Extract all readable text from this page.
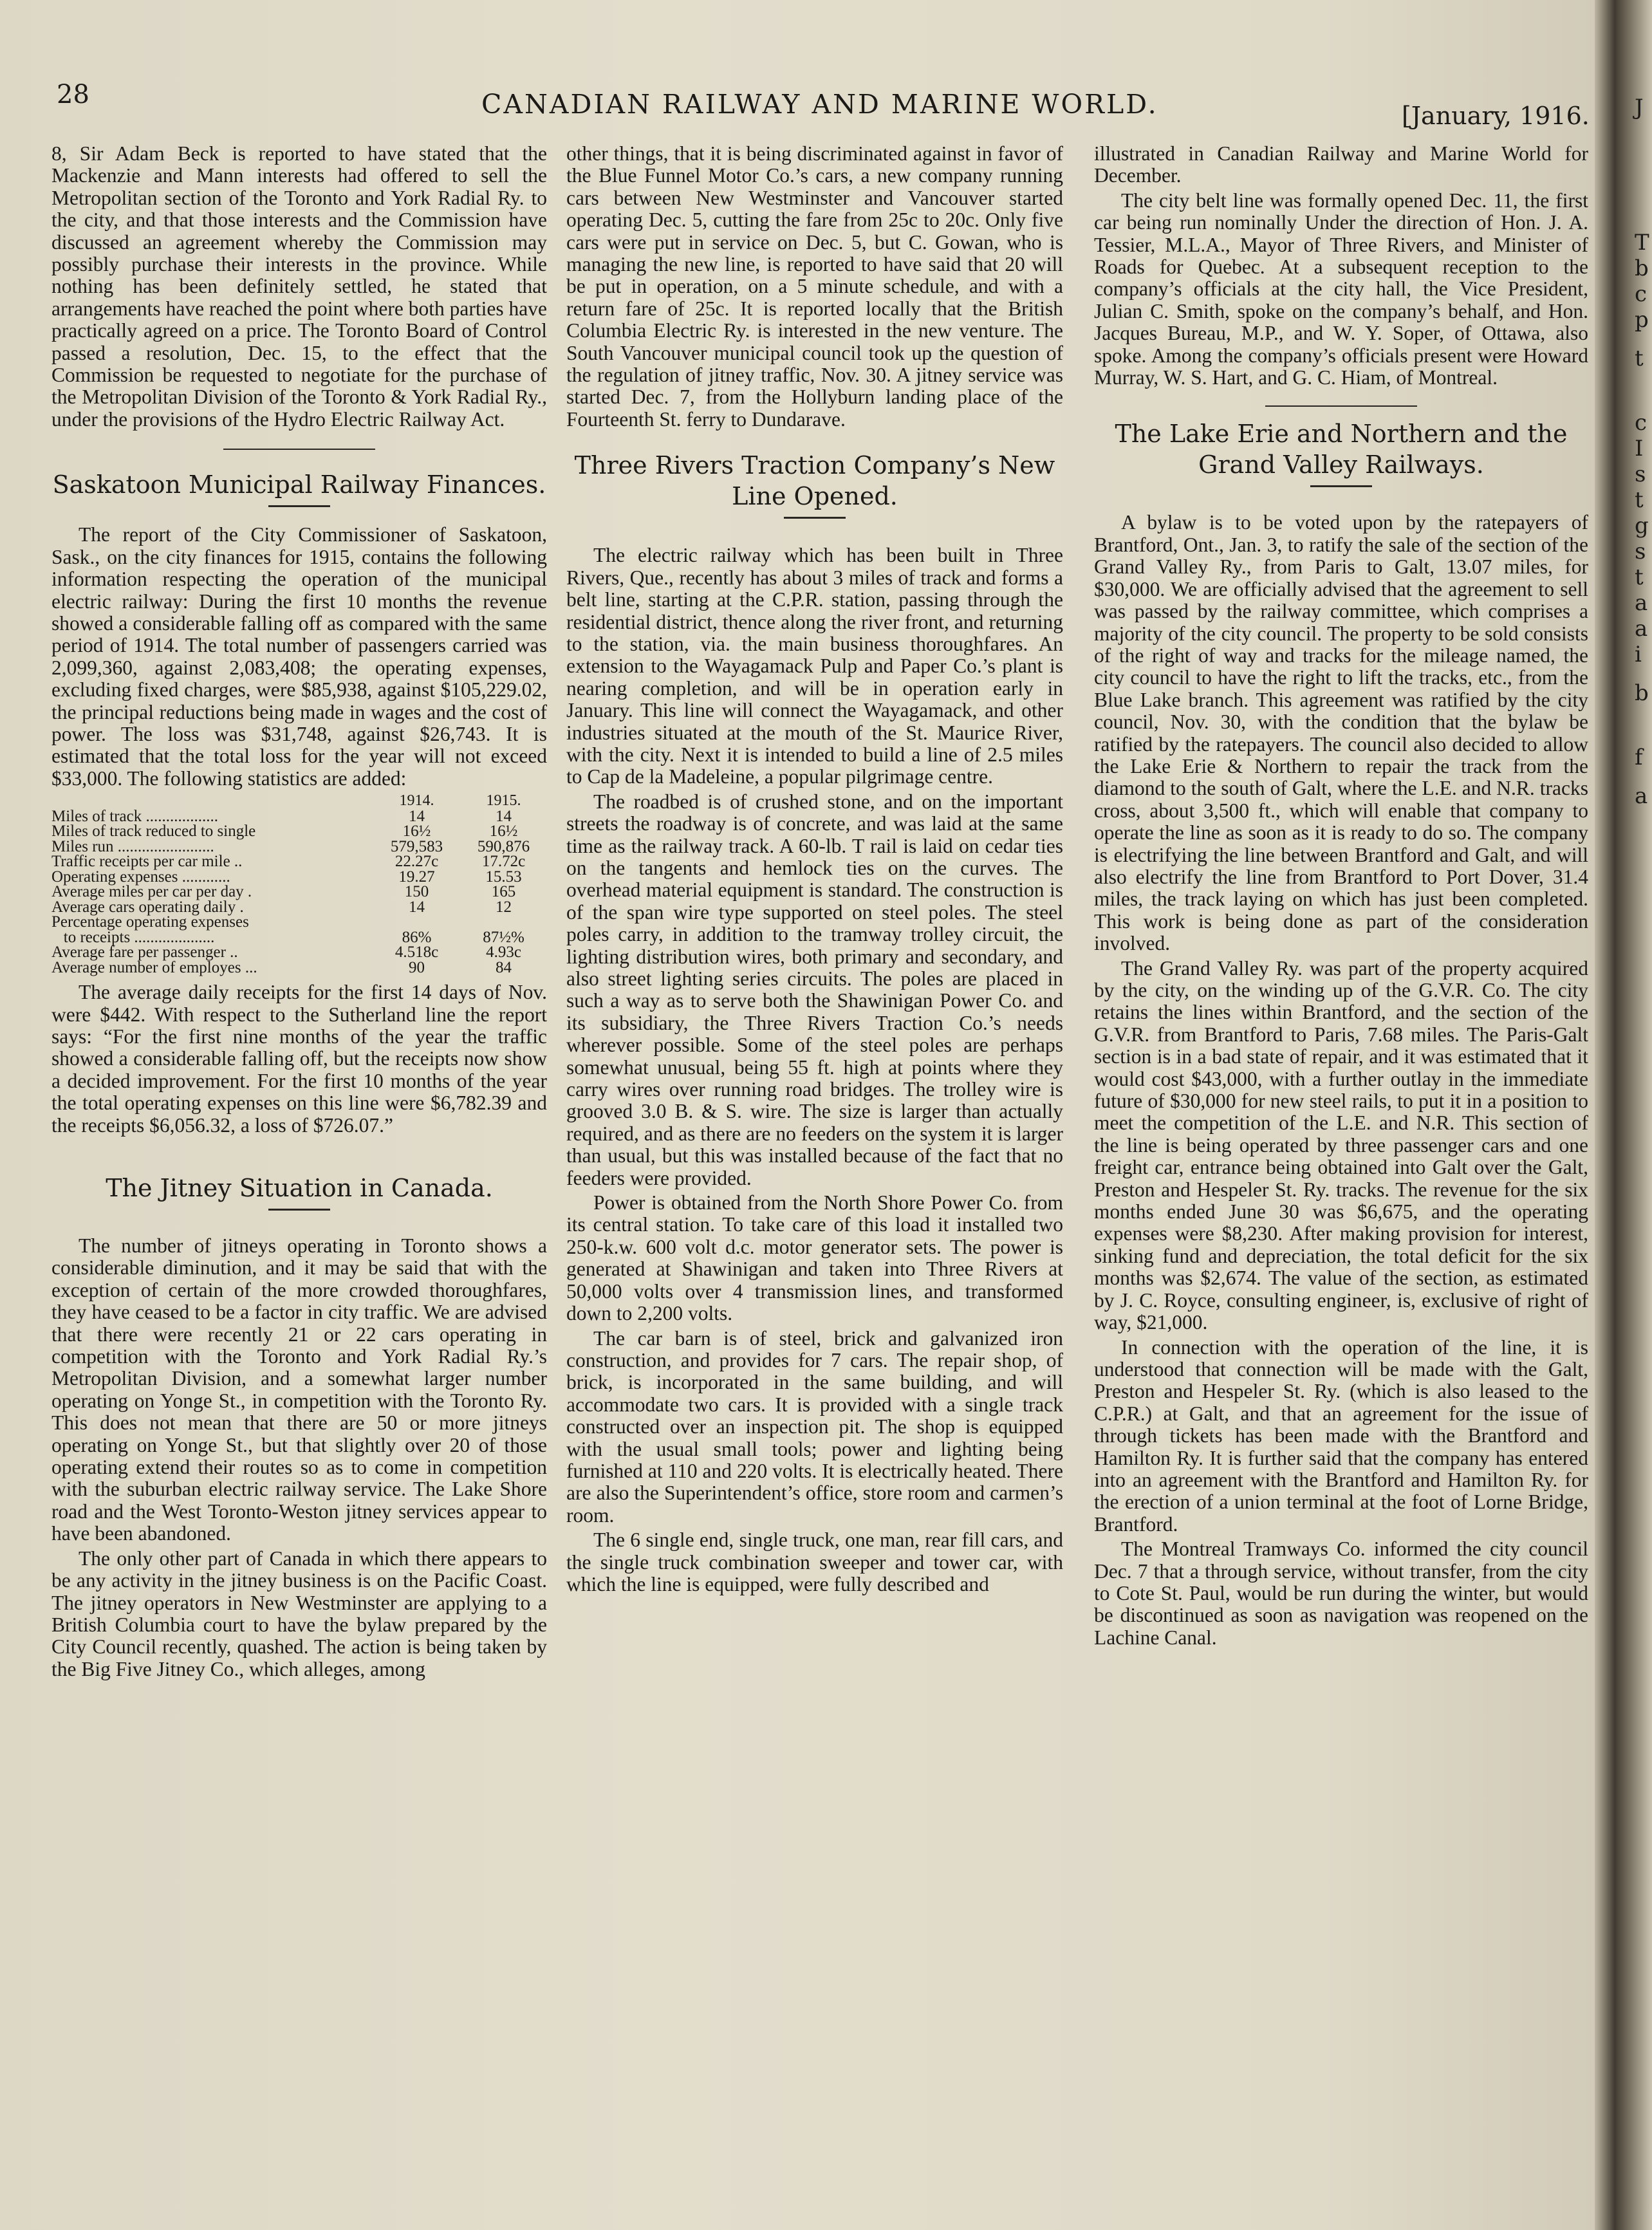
28	CANADIAN RAILWAY AND MARINE WORLD.	[January, 1916.

8, Sir Adam Beck is reported to have stated that the Mackenzie and Mann interests had offered to sell the Metropolitan section of the Toronto and York Radial Ry. to the city, and that those interests and the Commission have discussed an agreement whereby the Commission may possibly purchase their interests in the province. While nothing has been definitely settled, he stated that arrangements have reached the point where both parties have practically agreed on a price. The Toronto Board of Control passed a resolution, Dec. 15, to the effect that the Commission be requested to negotiate for the purchase of the Metropolitan Division of the Toronto & York Radial Ry., under the provisions of the Hydro Electric Railway Act.

Saskatoon Municipal Railway Finances.

The report of the City Commissioner of Saskatoon, Sask., on the city finances for 1915, contains the following information respecting the operation of the municipal electric railway: During the first 10 months the revenue showed a considerable falling off as compared with the same period of 1914. The total number of passengers carried was 2,099,360, against 2,083,408; the operating expenses, excluding fixed charges, were $85,938, against $105,229.02, the principal reductions being made in wages and the cost of power. The loss was $31,748, against $26,743. It is estimated that the total loss for the year will not exceed $33,000. The following statistics are added:

	1914.	1915.
Miles of track ..................	14	14
Miles of track reduced to single	16½	16½
Miles run ........................	579,583	590,876
Traffic receipts per car mile ..	22.27c	17.72c
Operating expenses ............	19.27	15.53
Average miles per car per day .	150	165
Average cars operating daily .	14	12
Percentage operating expenses		
to receipts ....................	86%	87½%
Average fare per passenger ..	4.518c	4.93c
Average number of employes ...	90	84

The average daily receipts for the first 14 days of Nov. were $442. With respect to the Sutherland line the report says: “For the first nine months of the year the traffic showed a considerable falling off, but the receipts now show a decided improvement. For the first 10 months of the year the total operating expenses on this line were $6,782.39 and the receipts $6,056.32, a loss of $726.07.”

The Jitney Situation in Canada.

The number of jitneys operating in Toronto shows a considerable diminution, and it may be said that with the exception of certain of the more crowded thoroughfares, they have ceased to be a factor in city traffic. We are advised that there were recently 21 or 22 cars operating in competition with the Toronto and York Radial Ry.’s Metropolitan Division, and a somewhat larger number operating on Yonge St., in competition with the Toronto Ry. This does not mean that there are 50 or more jitneys operating on Yonge St., but that slightly over 20 of those operating extend their routes so as to come in competition with the suburban electric railway service. The Lake Shore road and the West Toronto-Weston jitney services appear to have been abandoned.

The only other part of Canada in which there appears to be any activity in the jitney business is on the Pacific Coast. The jitney operators in New Westminster are applying to a British Columbia court to have the bylaw prepared by the City Council recently, quashed. The action is being taken by the Big Five Jitney Co., which alleges, among

other things, that it is being discriminated against in favor of the Blue Funnel Motor Co.’s cars, a new company running cars between New Westminster and Vancouver started operating Dec. 5, cutting the fare from 25c to 20c. Only five cars were put in service on Dec. 5, but C. Gowan, who is managing the new line, is reported to have said that 20 will be put in operation, on a 5 minute schedule, and with a return fare of 25c. It is reported locally that the British Columbia Electric Ry. is interested in the new venture. The South Vancouver municipal council took up the question of the regulation of jitney traffic, Nov. 30. A jitney service was started Dec. 7, from the Hollyburn landing place of the Fourteenth St. ferry to Dundarave.

Three Rivers Traction Company’s New Line Opened.

The electric railway which has been built in Three Rivers, Que., recently has about 3 miles of track and forms a belt line, starting at the C.P.R. station, passing through the residential district, thence along the river front, and returning to the station, via. the main business thoroughfares. An extension to the Wayagamack Pulp and Paper Co.’s plant is nearing completion, and will be in operation early in January. This line will connect the Wayagamack, and other industries situated at the mouth of the St. Maurice River, with the city. Next it is intended to build a line of 2.5 miles to Cap de la Madeleine, a popular pilgrimage centre.

The roadbed is of crushed stone, and on the important streets the roadway is of concrete, and was laid at the same time as the railway track. A 60-lb. T rail is laid on cedar ties on the tangents and hemlock ties on the curves. The overhead material equipment is standard. The construction is of the span wire type supported on steel poles. The steel poles carry, in addition to the tramway trolley circuit, the lighting distribution wires, both primary and secondary, and also street lighting series circuits. The poles are placed in such a way as to serve both the Shawinigan Power Co. and its subsidiary, the Three Rivers Traction Co.’s needs wherever possible. Some of the steel poles are perhaps somewhat unusual, being 55 ft. high at points where they carry wires over running road bridges. The trolley wire is grooved 3.0 B. & S. wire. The size is larger than actually required, and as there are no feeders on the system it is larger than usual, but this was installed because of the fact that no feeders were provided.

Power is obtained from the North Shore Power Co. from its central station. To take care of this load it installed two 250-k.w. 600 volt d.c. motor generator sets. The power is generated at Shawinigan and taken into Three Rivers at 50,000 volts over 4 transmission lines, and transformed down to 2,200 volts.

The car barn is of steel, brick and galvanized iron construction, and provides for 7 cars. The repair shop, of brick, is incorporated in the same building, and will accommodate two cars. It is provided with a single track constructed over an inspection pit. The shop is equipped with the usual small tools; power and lighting being furnished at 110 and 220 volts. It is electrically heated. There are also the Superintendent’s office, store room and carmen’s room.

The 6 single end, single truck, one man, rear fill cars, and the single truck combination sweeper and tower car, with which the line is equipped, were fully described and

illustrated in Canadian Railway and Marine World for December.

The city belt line was formally opened Dec. 11, the first car being run nominally Under the direction of Hon. J. A. Tessier, M.L.A., Mayor of Three Rivers, and Minister of Roads for Quebec. At a subsequent reception to the company’s officials at the city hall, the Vice President, Julian C. Smith, spoke on the company’s behalf, and Hon. Jacques Bureau, M.P., and W. Y. Soper, of Ottawa, also spoke. Among the company’s officials present were Howard Murray, W. S. Hart, and G. C. Hiam, of Montreal.

The Lake Erie and Northern and the Grand Valley Railways.

A bylaw is to be voted upon by the ratepayers of Brantford, Ont., Jan. 3, to ratify the sale of the section of the Grand Valley Ry., from Paris to Galt, 13.07 miles, for $30,000. We are officially advised that the agreement to sell was passed by the railway committee, which comprises a majority of the city council. The property to be sold consists of the right of way and tracks for the mileage named, the city council to have the right to lift the tracks, etc., from the Blue Lake branch. This agreement was ratified by the city council, Nov. 30, with the condition that the bylaw be ratified by the ratepayers. The council also decided to allow the Lake Erie & Northern to repair the track from the diamond to the south of Galt, where the L.E. and N.R. tracks cross, about 3,500 ft., which will enable that company to operate the line as soon as it is ready to do so. The company is electrifying the line between Brantford and Galt, and will also electrify the line from Brantford to Port Dover, 31.4 miles, the track laying on which has just been completed. This work is being done as part of the consideration involved.

The Grand Valley Ry. was part of the property acquired by the city, on the winding up of the G.V.R. Co. The city retains the lines within Brantford, and the section of the G.V.R. from Brantford to Paris, 7.68 miles. The Paris-Galt section is in a bad state of repair, and it was estimated that it would cost $43,000, with a further outlay in the immediate future of $30,000 for new steel rails, to put it in a position to meet the competition of the L.E. and N.R. This section of the line is being operated by three passenger cars and one freight car, entrance being obtained into Galt over the Galt, Preston and Hespeler St. Ry. tracks. The revenue for the six months ended June 30 was $6,675, and the operating expenses were $8,230. After making provision for interest, sinking fund and depreciation, the total deficit for the six months was $2,674. The value of the section, as estimated by J. C. Royce, consulting engineer, is, exclusive of right of way, $21,000.

In connection with the operation of the line, it is understood that connection will be made with the Galt, Preston and Hespeler St. Ry. (which is also leased to the C.P.R.) at Galt, and that an agreement for the issue of through tickets has been made with the Brantford and Hamilton Ry. It is further said that the company has entered into an agreement with the Brantford and Hamilton Ry. for the erection of a union terminal at the foot of Lorne Bridge, Brantford.

The Montreal Tramways Co. informed the city council Dec. 7 that a through service, without transfer, from the city to Cote St. Paul, would be run during the winter, but would be discontinued as soon as navigation was reopened on the Lachine Canal.

J
T
b
c
p
t
c
I
s
t
g
s
t
a
a
i
b
f
a
